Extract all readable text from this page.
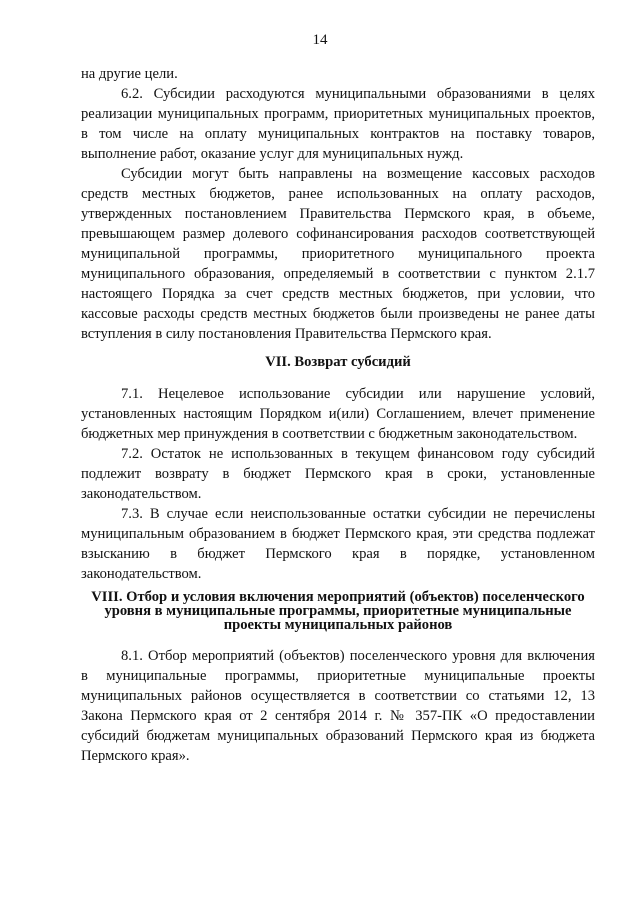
14

на другие цели.

6.2. Субсидии расходуются муниципальными образованиями в целях реализации муниципальных программ, приоритетных муниципальных проектов, в том числе на оплату муниципальных контрактов на поставку товаров, выполнение работ, оказание услуг для муниципальных нужд.

Субсидии могут быть направлены на возмещение кассовых расходов средств местных бюджетов, ранее использованных на оплату расходов, утвержденных постановлением Правительства Пермского края, в объеме, превышающем размер долевого софинансирования расходов соответствующей муниципальной программы, приоритетного муниципального проекта муниципального образования, определяемый в соответствии с пунктом 2.1.7 настоящего Порядка за счет средств местных бюджетов, при условии, что кассовые расходы средств местных бюджетов были произведены не ранее даты вступления в силу постановления Правительства Пермского края.

VII. Возврат субсидий

7.1. Нецелевое использование субсидии или нарушение условий, установленных настоящим Порядком и(или) Соглашением, влечет применение бюджетных мер принуждения в соответствии с бюджетным законодательством.

7.2. Остаток не использованных в текущем финансовом году субсидий подлежит возврату в бюджет Пермского края в сроки, установленные законодательством.

7.3. В случае если неиспользованные остатки субсидии не перечислены муниципальным образованием в бюджет Пермского края, эти средства подлежат взысканию в бюджет Пермского края в порядке, установленном законодательством.

VIII. Отбор и условия включения мероприятий (объектов) поселенческого уровня в муниципальные программы, приоритетные муниципальные проекты муниципальных районов

8.1. Отбор мероприятий (объектов) поселенческого уровня для включения в муниципальные программы, приоритетные муниципальные проекты муниципальных районов осуществляется в соответствии со статьями 12, 13 Закона Пермского края от 2 сентября 2014 г. № 357-ПК «О предоставлении субсидий бюджетам муниципальных образований Пермского края из бюджета Пермского края».
